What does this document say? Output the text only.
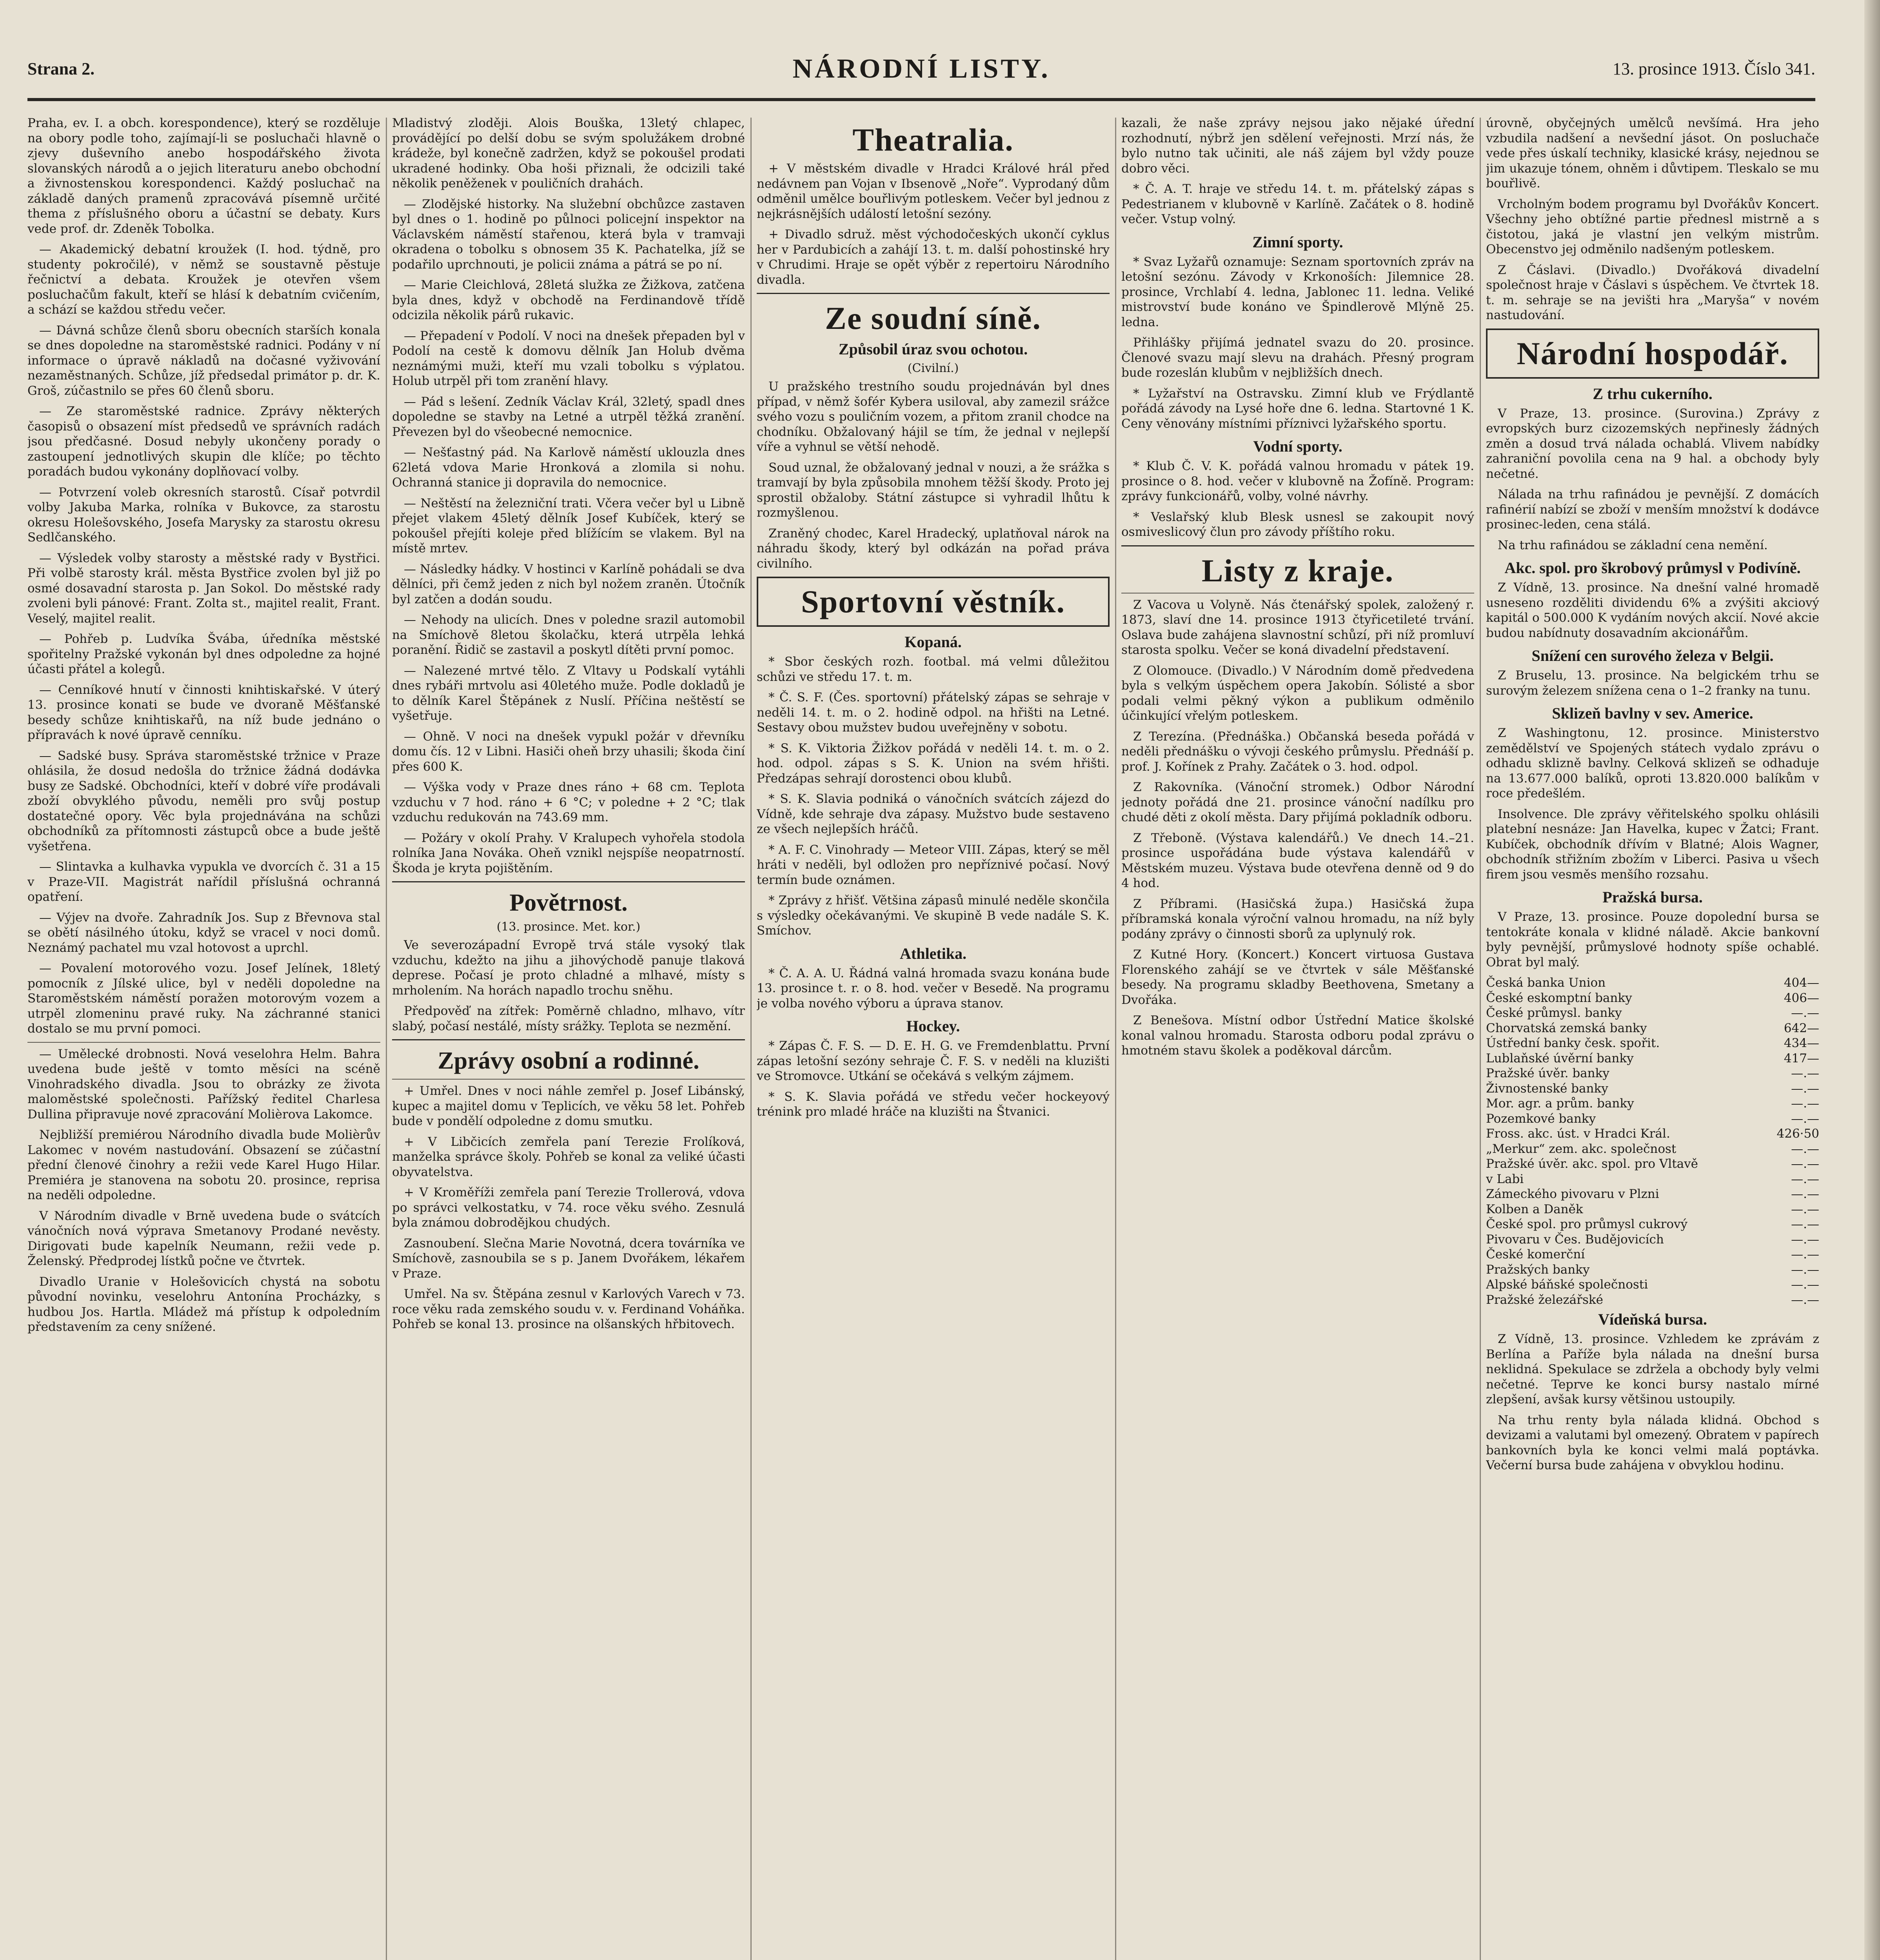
Strana 2.	NÁRODNÍ LISTY.	13. prosince 1913. Číslo 341.

Praha, ev. I. a obch. korespondence), který se rozděluje na obory podle toho, zajímají-li se posluchači hlavně o zjevy duševního anebo hospodářského života slovanských národů a o jejich literaturu anebo obchodní a živnostenskou korespondenci. Každý posluchač na základě daných pramenů zpracovává písemně určité thema z příslušného oboru a účastní se debaty. Kurs vede prof. dr. Zdeněk Tobolka.

— Akademický debatní kroužek (I. hod. týdně, pro studenty pokročilé), v němž se soustavně pěstuje řečnictví a debata. Kroužek je otevřen všem posluchačům fakult, kteří se hlásí k debatním cvičením, a schází se každou středu večer.

— Dávná schůze členů sboru obecních starších konala se dnes dopoledne na staroměstské radnici. Podány v ní informace o úpravě nákladů na dočasné vyživování nezaměstnaných. Schůze, jíž předsedal primátor p. dr. K. Groš, zúčastnilo se přes 60 členů sboru.

— Ze staroměstské radnice. Zprávy některých časopisů o obsazení míst předsedů ve správních radách jsou předčasné. Dosud nebyly ukončeny porady o zastoupení jednotlivých skupin dle klíče; po těchto poradách budou vykonány doplňovací volby.

— Potvrzení voleb okresních starostů. Císař potvrdil volby Jakuba Marka, rolníka v Bukovce, za starostu okresu Holešovského, Josefa Marysky za starostu okresu Sedlčanského.

— Výsledek volby starosty a městské rady v Bystřici. Při volbě starosty král. města Bystřice zvolen byl již po osmé dosavadní starosta p. Jan Sokol. Do městské rady zvoleni byli pánové: Frant. Zolta st., majitel realit, Frant. Veselý, majitel realit.

— Pohřeb p. Ludvíka Švába, úředníka městské spořitelny Pražské vykonán byl dnes odpoledne za hojné účasti přátel a kolegů.

— Cenníkové hnutí v činnosti knihtiskařské. V úterý 13. prosince konati se bude ve dvoraně Měšťanské besedy schůze knihtiskařů, na níž bude jednáno o přípravách k nové úpravě cenníku.

— Sadské busy. Správa staroměstské tržnice v Praze ohlásila, že dosud nedošla do tržnice žádná dodávka busy ze Sadské. Obchodníci, kteří v dobré víře prodávali zboží obvyklého původu, neměli pro svůj postup dostatečné opory. Věc byla projednávána na schůzi obchodníků za přítomnosti zástupců obce a bude ještě vyšetřena.

— Slintavka a kulhavka vypukla ve dvorcích č. 31 a 15 v Praze-VII. Magistrát nařídil příslušná ochranná opatření.

— Výjev na dvoře. Zahradník Jos. Sup z Břevnova stal se obětí násilného útoku, když se vracel v noci domů. Neznámý pachatel mu vzal hotovost a uprchl.

— Povalení motorového vozu. Josef Jelínek, 18letý pomocník z Jílské ulice, byl v neděli dopoledne na Staroměstském náměstí poražen motorovým vozem a utrpěl zlomeninu pravé ruky. Na záchranné stanici dostalo se mu první pomoci.

— Umělecké drobnosti. Nová veselohra Helm. Bahra uvedena bude ještě v tomto měsíci na scéně Vinohradského divadla. Jsou to obrázky ze života maloměstské společnosti. Pařížský ředitel Charlesa Dullina připravuje nové zpracování Molièrova Lakomce.

Nejbližší premiérou Národního divadla bude Molièrův Lakomec v novém nastudování. Obsazení se zúčastní přední členové činohry a režii vede Karel Hugo Hilar. Premiéra je stanovena na sobotu 20. prosince, reprisa na neděli odpoledne.

V Národním divadle v Brně uvedena bude o svátcích vánočních nová výprava Smetanovy Prodané nevěsty. Dirigovati bude kapelník Neumann, režii vede p. Želenský. Předprodej lístků počne ve čtvrtek.

Divadlo Uranie v Holešovicích chystá na sobotu původní novinku, veselohru Antonína Procházky, s hudbou Jos. Hartla. Mládež má přístup k odpoledním představením za ceny snížené.

Mladistvý zloději. Alois Bouška, 13letý chlapec, provádějící po delší dobu se svým spolužákem drobné krádeže, byl konečně zadržen, když se pokoušel prodati ukradené hodinky. Oba hoši přiznali, že odcizili také několik peněženek v pouličních drahách.

— Zlodějské historky. Na služební obchůzce zastaven byl dnes o 1. hodině po půlnoci policejní inspektor na Václavském náměstí stařenou, která byla v tramvaji okradena o tobolku s obnosem 35 K. Pachatelka, jíž se podařilo uprchnouti, je policii známa a pátrá se po ní.

— Marie Cleichlová, 28letá služka ze Žižkova, zatčena byla dnes, když v obchodě na Ferdinandově třídě odcizila několik párů rukavic.

— Přepadení v Podolí. V noci na dnešek přepaden byl v Podolí na cestě k domovu dělník Jan Holub dvěma neznámými muži, kteří mu vzali tobolku s výplatou. Holub utrpěl při tom zranění hlavy.

— Pád s lešení. Zedník Václav Král, 32letý, spadl dnes dopoledne se stavby na Letné a utrpěl těžká zranění. Převezen byl do všeobecné nemocnice.

— Nešťastný pád. Na Karlově náměstí uklouzla dnes 62letá vdova Marie Hronková a zlomila si nohu. Ochranná stanice ji dopravila do nemocnice.

— Neštěstí na železniční trati. Včera večer byl u Libně přejet vlakem 45letý dělník Josef Kubíček, který se pokoušel přejíti koleje před blížícím se vlakem. Byl na místě mrtev.

— Následky hádky. V hostinci v Karlíně pohádali se dva dělníci, při čemž jeden z nich byl nožem zraněn. Útočník byl zatčen a dodán soudu.

— Nehody na ulicích. Dnes v poledne srazil automobil na Smíchově 8letou školačku, která utrpěla lehká poranění. Řidič se zastavil a poskytl dítěti první pomoc.

— Nalezené mrtvé tělo. Z Vltavy u Podskalí vytáhli dnes rybáři mrtvolu asi 40letého muže. Podle dokladů je to dělník Karel Štěpánek z Nuslí. Příčina neštěstí se vyšetřuje.

— Ohně. V noci na dnešek vypukl požár v dřevníku domu čís. 12 v Libni. Hasiči oheň brzy uhasili; škoda činí přes 600 K.

— Výška vody v Praze dnes ráno + 68 cm. Teplota vzduchu v 7 hod. ráno + 6 °C; v poledne + 2 °C; tlak vzduchu redukován na 743.69 mm.

— Požáry v okolí Prahy. V Kralupech vyhořela stodola rolníka Jana Nováka. Oheň vznikl nejspíše neopatrností. Škoda je kryta pojištěním.

Povětrnost.
(13. prosince. Met. kor.)

Ve severozápadní Evropě trvá stále vysoký tlak vzduchu, kdežto na jihu a jihovýchodě panuje tlaková deprese. Počasí je proto chladné a mlhavé, místy s mrholením. Na horách napadlo trochu sněhu.

Předpověď na zítřek: Poměrně chladno, mlhavo, vítr slabý, počasí nestálé, místy srážky. Teplota se nezmění.

Zprávy osobní a rodinné.

+ Umřel. Dnes v noci náhle zemřel p. Josef Libánský, kupec a majitel domu v Teplicích, ve věku 58 let. Pohřeb bude v pondělí odpoledne z domu smutku.

+ V Libčicích zemřela paní Terezie Frolíková, manželka správce školy. Pohřeb se konal za veliké účasti obyvatelstva.

+ V Kroměříži zemřela paní Terezie Trollerová, vdova po správci velkostatku, v 74. roce věku svého. Zesnulá byla známou dobrodějkou chudých.

Zasnoubení. Slečna Marie Novotná, dcera továrníka ve Smíchově, zasnoubila se s p. Janem Dvořákem, lékařem v Praze.

Umřel. Na sv. Štěpána zesnul v Karlových Varech v 73. roce věku rada zemského soudu v. v. Ferdinand Voháňka. Pohřeb se konal 13. prosince na olšanských hřbitovech.

Theatralia.

+ V městském divadle v Hradci Králové hrál před nedávnem pan Vojan v Ibsenově „Noře“. Vyprodaný dům odměnil umělce bouřlivým potleskem. Večer byl jednou z nejkrásnějších událostí letošní sezóny.

+ Divadlo sdruž. měst východočeských ukončí cyklus her v Pardubicích a zahájí 13. t. m. další pohostinské hry v Chrudimi. Hraje se opět výběr z repertoiru Národního divadla.

Ze soudní síně.
Způsobil úraz svou ochotou.
(Civilní.)

U pražského trestního soudu projednáván byl dnes případ, v němž šofér Kybera usiloval, aby zamezil srážce svého vozu s pouličním vozem, a přitom zranil chodce na chodníku. Obžalovaný hájil se tím, že jednal v nejlepší víře a vyhnul se větší nehodě.

Soud uznal, že obžalovaný jednal v nouzi, a že srážka s tramvají by byla způsobila mnohem těžší škody. Proto jej sprostil obžaloby. Státní zástupce si vyhradil lhůtu k rozmyšlenou.

Zraněný chodec, Karel Hradecký, uplatňoval nárok na náhradu škody, který byl odkázán na pořad práva civilního.

Sportovní věstník.
Kopaná.

* Sbor českých rozh. footbal. má velmi důležitou schůzi ve středu 17. t. m.

* Č. S. F. (Čes. sportovní) přátelský zápas se sehraje v neděli 14. t. m. o 2. hodině odpol. na hřišti na Letné. Sestavy obou mužstev budou uveřejněny v sobotu.

* S. K. Viktoria Žižkov pořádá v neděli 14. t. m. o 2. hod. odpol. zápas s S. K. Union na svém hřišti. Předzápas sehrají dorostenci obou klubů.

* S. K. Slavia podniká o vánočních svátcích zájezd do Vídně, kde sehraje dva zápasy. Mužstvo bude sestaveno ze všech nejlepších hráčů.

* A. F. C. Vinohrady — Meteor VIII. Zápas, který se měl hráti v neděli, byl odložen pro nepříznivé počasí. Nový termín bude oznámen.

* Zprávy z hřišť. Většina zápasů minulé neděle skončila s výsledky očekávanými. Ve skupině B vede nadále S. K. Smíchov.

Athletika.

* Č. A. A. U. Řádná valná hromada svazu konána bude 13. prosince t. r. o 8. hod. večer v Besedě. Na programu je volba nového výboru a úprava stanov.

Hockey.

* Zápas Č. F. S. — D. E. H. G. ve Fremdenblattu. První zápas letošní sezóny sehraje Č. F. S. v neděli na kluzišti ve Stromovce. Utkání se očekává s velkým zájmem.

* S. K. Slavia pořádá ve středu večer hockeyový trénink pro mladé hráče na kluzišti na Štvanici.

kazali, že naše zprávy nejsou jako nějaké úřední rozhodnutí, nýbrž jen sdělení veřejnosti. Mrzí nás, že bylo nutno tak učiniti, ale náš zájem byl vždy pouze dobro věci.

* Č. A. T. hraje ve středu 14. t. m. přátelský zápas s Pedestrianem v klubovně v Karlíně. Začátek o 8. hodině večer. Vstup volný.

Zimní sporty.

* Svaz Lyžařů oznamuje: Seznam sportovních zpráv na letošní sezónu. Závody v Krkonoších: Jilemnice 28. prosince, Vrchlabí 4. ledna, Jablonec 11. ledna. Veliké mistrovství bude konáno ve Špindlerově Mlýně 25. ledna.

Přihlášky přijímá jednatel svazu do 20. prosince. Členové svazu mají slevu na drahách. Přesný program bude rozeslán klubům v nejbližších dnech.

* Lyžařství na Ostravsku. Zimní klub ve Frýdlantě pořádá závody na Lysé hoře dne 6. ledna. Startovné 1 K. Ceny věnovány místními příznivci lyžařského sportu.

Vodní sporty.

* Klub Č. V. K. pořádá valnou hromadu v pátek 19. prosince o 8. hod. večer v klubovně na Žofíně. Program: zprávy funkcionářů, volby, volné návrhy.

* Veslařský klub Blesk usnesl se zakoupit nový osmiveslicový člun pro závody příštího roku.

Listy z kraje.

Z Vacova u Volyně. Nás čtenářský spolek, založený r. 1873, slaví dne 14. prosince 1913 čtyřicetileté trvání. Oslava bude zahájena slavnostní schůzí, při níž promluví starosta spolku. Večer se koná divadelní představení.

Z Olomouce. (Divadlo.) V Národním domě předvedena byla s velkým úspěchem opera Jakobín. Sólisté a sbor podali velmi pěkný výkon a publikum odměnilo účinkující vřelým potleskem.

Z Terezína. (Přednáška.) Občanská beseda pořádá v neděli přednášku o vývoji českého průmyslu. Přednáší p. prof. J. Kořínek z Prahy. Začátek o 3. hod. odpol.

Z Rakovníka. (Vánoční stromek.) Odbor Národní jednoty pořádá dne 21. prosince vánoční nadílku pro chudé děti z okolí města. Dary přijímá pokladník odboru.

Z Třeboně. (Výstava kalendářů.) Ve dnech 14.–21. prosince uspořádána bude výstava kalendářů v Městském muzeu. Výstava bude otevřena denně od 9 do 4 hod.

Z Příbrami. (Hasičská župa.) Hasičská župa příbramská konala výroční valnou hromadu, na níž byly podány zprávy o činnosti sborů za uplynulý rok.

Z Kutné Hory. (Koncert.) Koncert virtuosa Gustava Florenského zahájí se ve čtvrtek v sále Měšťanské besedy. Na programu skladby Beethovena, Smetany a Dvořáka.

Z Benešova. Místní odbor Ústřední Matice školské konal valnou hromadu. Starosta odboru podal zprávu o hmotném stavu školek a poděkoval dárcům.

úrovně, obyčejných umělců nevšímá. Hra jeho vzbudila nadšení a nevšední jásot. On posluchače vede přes úskalí techniky, klasické krásy, nejednou se jim ukazuje tónem, ohněm i důvtipem. Tleskalo se mu bouřlivě.

Vrcholným bodem programu byl Dvořákův Koncert. Všechny jeho obtížné partie přednesl mistrně a s čistotou, jaká je vlastní jen velkým mistrům. Obecenstvo jej odměnilo nadšeným potleskem.

Z Čáslavi. (Divadlo.) Dvořáková divadelní společnost hraje v Čáslavi s úspěchem. Ve čtvrtek 18. t. m. sehraje se na jevišti hra „Maryša“ v novém nastudování.

Národní hospodář.
Z trhu cukerního.

V Praze, 13. prosince. (Surovina.) Zprávy z evropských burz cizozemských nepřinesly žádných změn a dosud trvá nálada ochablá. Vlivem nabídky zahraniční povolila cena na 9 hal. a obchody byly nečetné.

Nálada na trhu rafinádou je pevnější. Z domácích rafinérií nabízí se zboží v menším množství k dodávce prosinec-leden, cena stálá.

Na trhu rafinádou se základní cena nemění.

Akc. spol. pro škrobový průmysl v Podivíně.

Z Vídně, 13. prosince. Na dnešní valné hromadě usneseno rozděliti dividendu 6% a zvýšiti akciový kapitál o 500.000 K vydáním nových akcií. Nové akcie budou nabídnuty dosavadním akcionářům.

Snížení cen surového železa v Belgii.

Z Bruselu, 13. prosince. Na belgickém trhu se surovým železem snížena cena o 1–2 franky na tunu.

Sklizeň bavlny v sev. Americe.

Z Washingtonu, 12. prosince. Ministerstvo zemědělství ve Spojených státech vydalo zprávu o odhadu sklizně bavlny. Celková sklizeň se odhaduje na 13.677.000 balíků, oproti 13.820.000 balíkům v roce předešlém.

Insolvence. Dle zprávy věřitelského spolku ohlásili platební nesnáze: Jan Havelka, kupec v Žatci; Frant. Kubíček, obchodník dřívím v Blatné; Alois Wagner, obchodník střižním zbožím v Liberci. Pasiva u všech firem jsou vesměs menšího rozsahu.

Pražská bursa.

V Praze, 13. prosince. Pouze dopolední bursa se tentokráte konala v klidné náladě. Akcie bankovní byly pevnější, průmyslové hodnoty spíše ochablé. Obrat byl malý.

Česká banka Union	404—
České eskomptní banky	406—
České průmysl. banky	—.—
Chorvatská zemská banky	642—
Ústřední banky česk. spořit.	434—
Lublaňské úvěrní banky	417—
Pražské úvěr. banky	—.—
Živnostenské banky	—.—
Mor. agr. a prům. banky	—.—
Pozemkové banky	—.—
Fross. akc. úst. v Hradci Král.	426·50
„Merkur“ zem. akc. společnost	—.—
Pražské úvěr. akc. spol. pro Vltavě	—.—
v Labi	—.—
Zámeckého pivovaru v Plzni	—.—
Kolben a Daněk	—.—
České spol. pro průmysl cukrový	—.—
Pivovaru v Čes. Budějovicích	—.—
České komerční	—.—
Pražských banky	—.—
Alpské báňské společnosti	—.—
Pražské železářské	—.—
Vídeňská bursa.

Z Vídně, 13. prosince. Vzhledem ke zprávám z Berlína a Paříže byla nálada na dnešní bursa neklidná. Spekulace se zdržela a obchody byly velmi nečetné. Teprve ke konci bursy nastalo mírné zlepšení, avšak kursy většinou ustoupily.

Na trhu renty byla nálada klidná. Obchod s devizami a valutami byl omezený. Obratem v papírech bankovních byla ke konci velmi malá poptávka. Večerní bursa bude zahájena v obvyklou hodinu.
